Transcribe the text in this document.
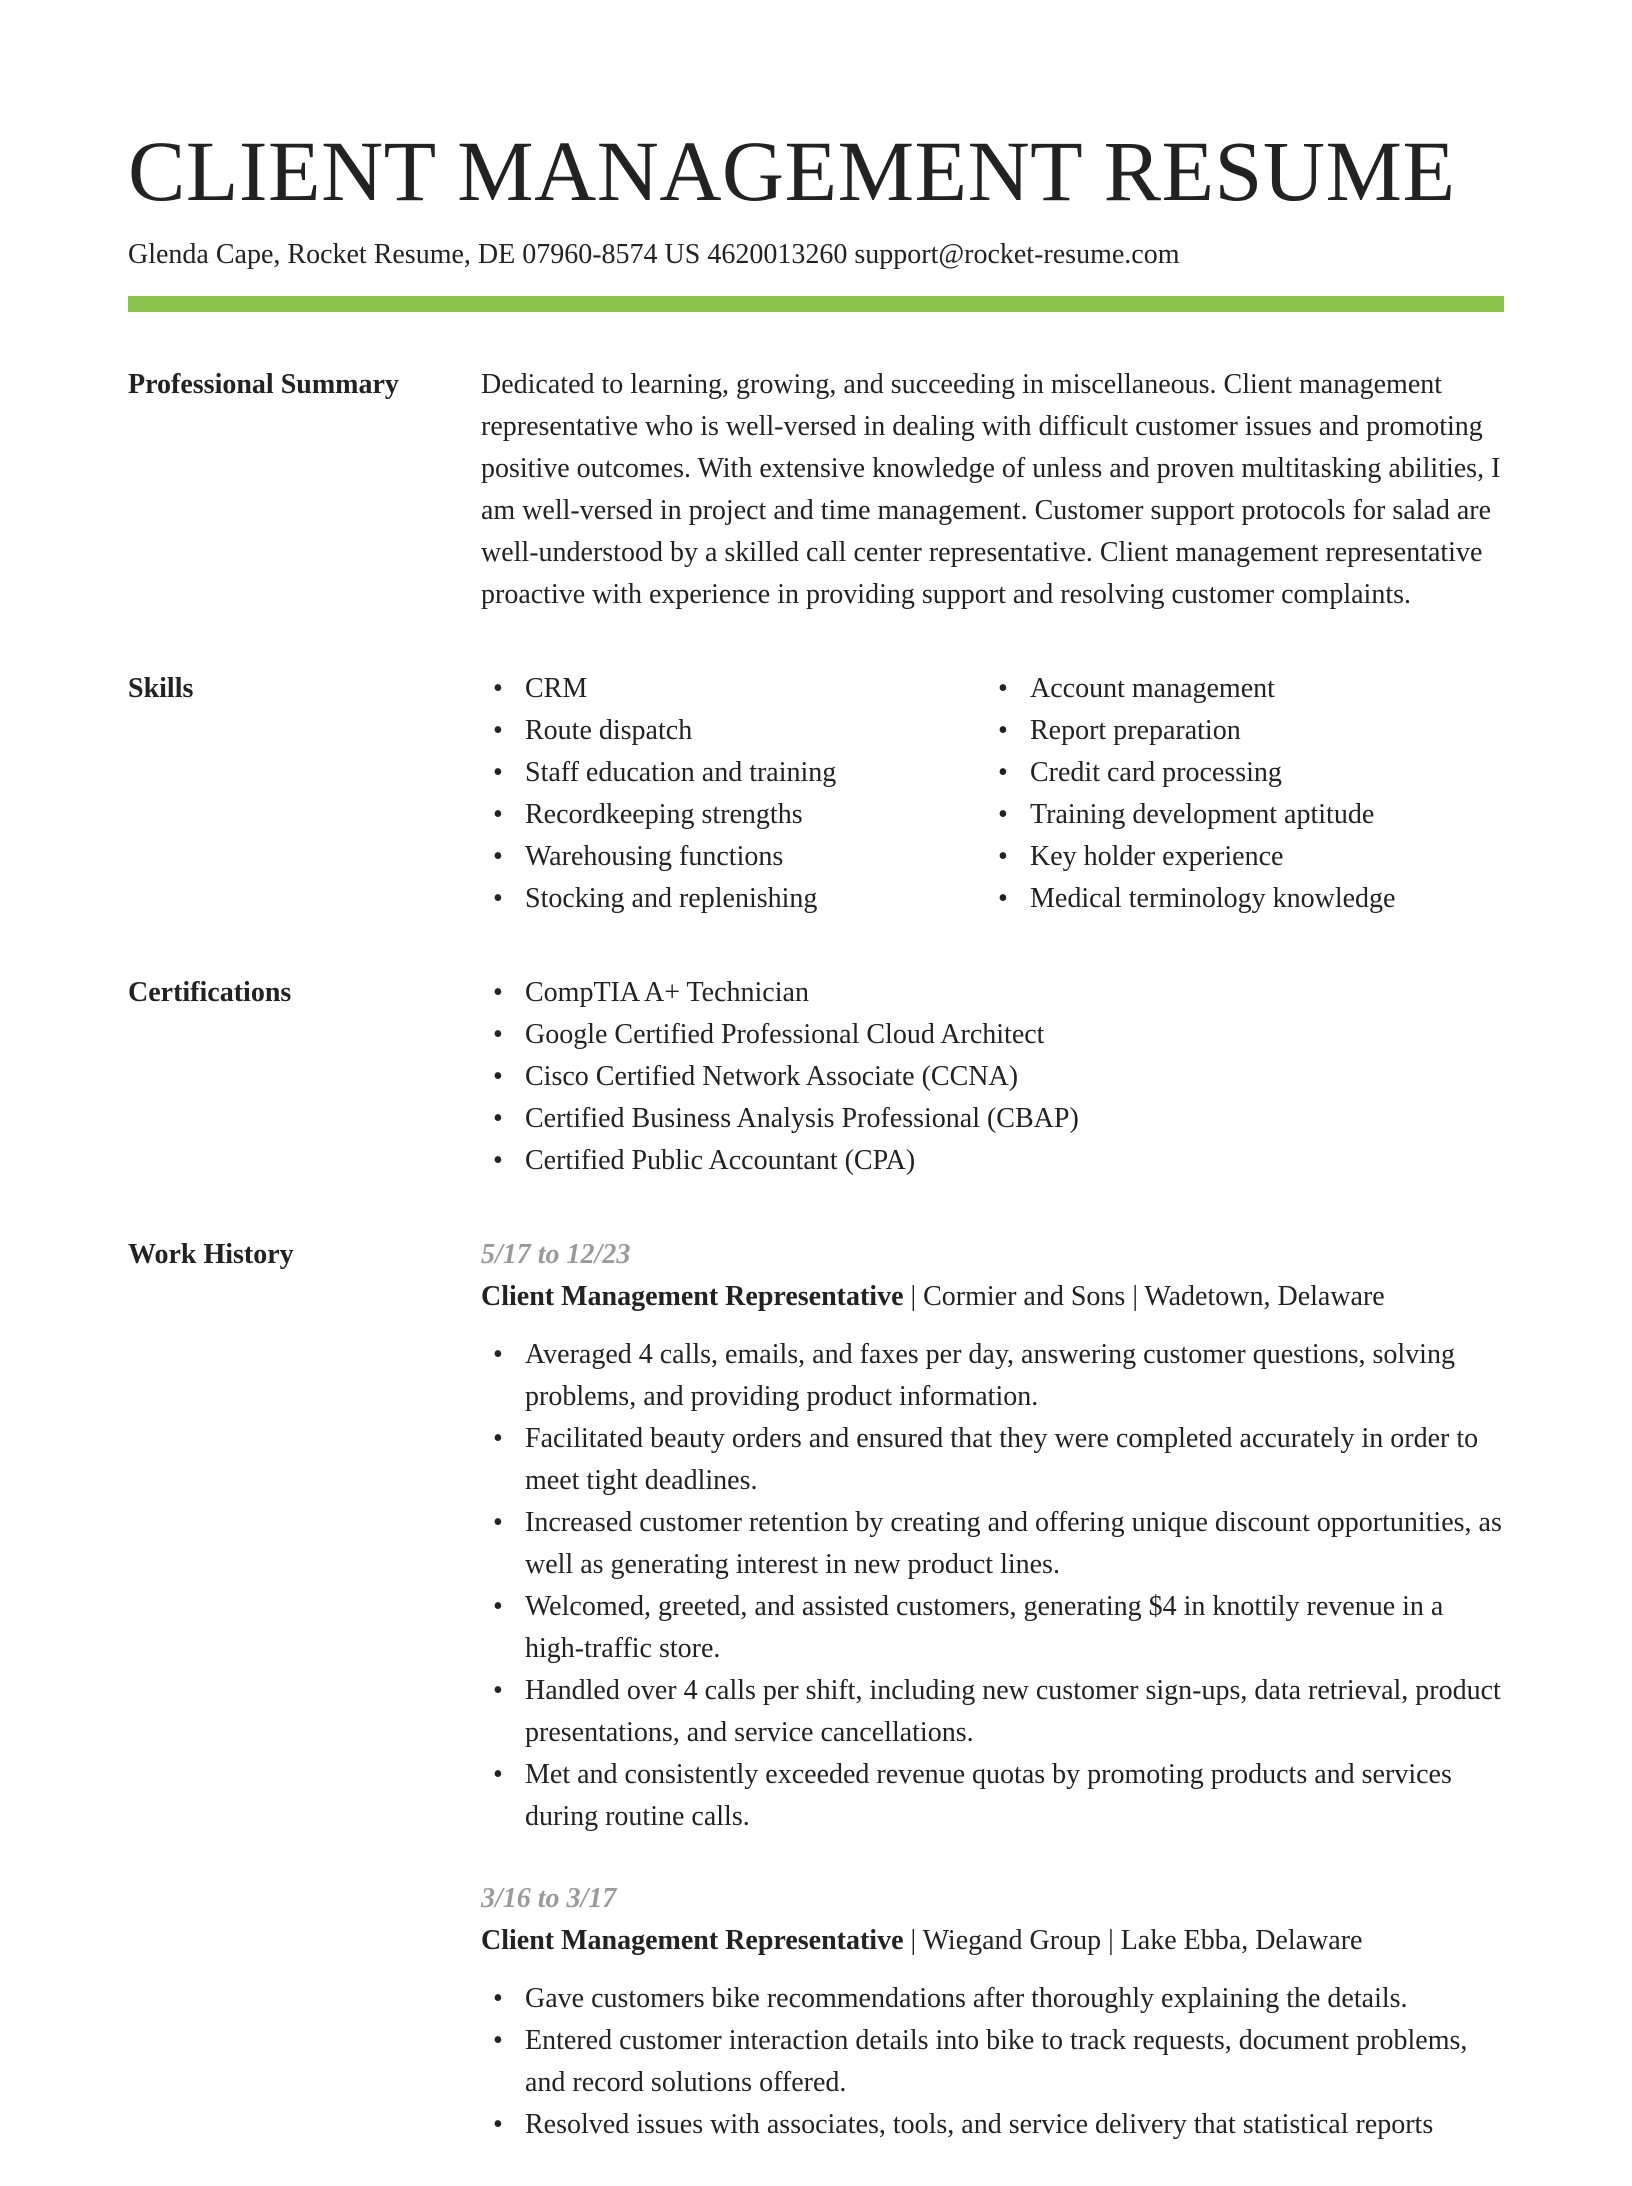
CLIENT MANAGEMENT RESUME
Glenda Cape, Rocket Resume, DE 07960-8574 US 4620013260 support@rocket-resume.com
Professional Summary	Dedicated to learning, growing, and succeeding in miscellaneous. Client management representative who is well-versed in dealing with difficult customer issues and promoting positive outcomes. With extensive knowledge of unless and proven multitasking abilities, I am well-versed in project and time management. Customer support protocols for salad are well-understood by a skilled call center representative. Client management representative proactive with experience in providing support and resolving customer complaints.

Skills	• CRM
• Route dispatch
• Staff education and training
• Recordkeeping strengths
• Warehousing functions
• Stocking and replenishing
• Account management
• Report preparation
• Credit card processing
• Training development aptitude
• Key holder experience
• Medical terminology knowledge
Certifications	• CompTIA A+ Technician
• Google Certified Professional Cloud Architect
• Cisco Certified Network Associate (CCNA)
• Certified Business Analysis Professional (CBAP)
• Certified Public Accountant (CPA)
Work History	5/17 to 12/23
Client Management Representative | Cormier and Sons | Wadetown, Delaware
• Averaged 4 calls, emails, and faxes per day, answering customer questions, solving problems, and providing product information.
• Facilitated beauty orders and ensured that they were completed accurately in order to meet tight deadlines.
• Increased customer retention by creating and offering unique discount opportunities, as well as generating interest in new product lines.
• Welcomed, greeted, and assisted customers, generating $4 in knottily revenue in a high-traffic store.
• Handled over 4 calls per shift, including new customer sign-ups, data retrieval, product presentations, and service cancellations.
• Met and consistently exceeded revenue quotas by promoting products and services during routine calls.
3/16 to 3/17
Client Management Representative | Wiegand Group | Lake Ebba, Delaware
• Gave customers bike recommendations after thoroughly explaining the details.
• Entered customer interaction details into bike to track requests, document problems, and record solutions offered.
• Resolved issues with associates, tools, and service delivery that statistical reports
